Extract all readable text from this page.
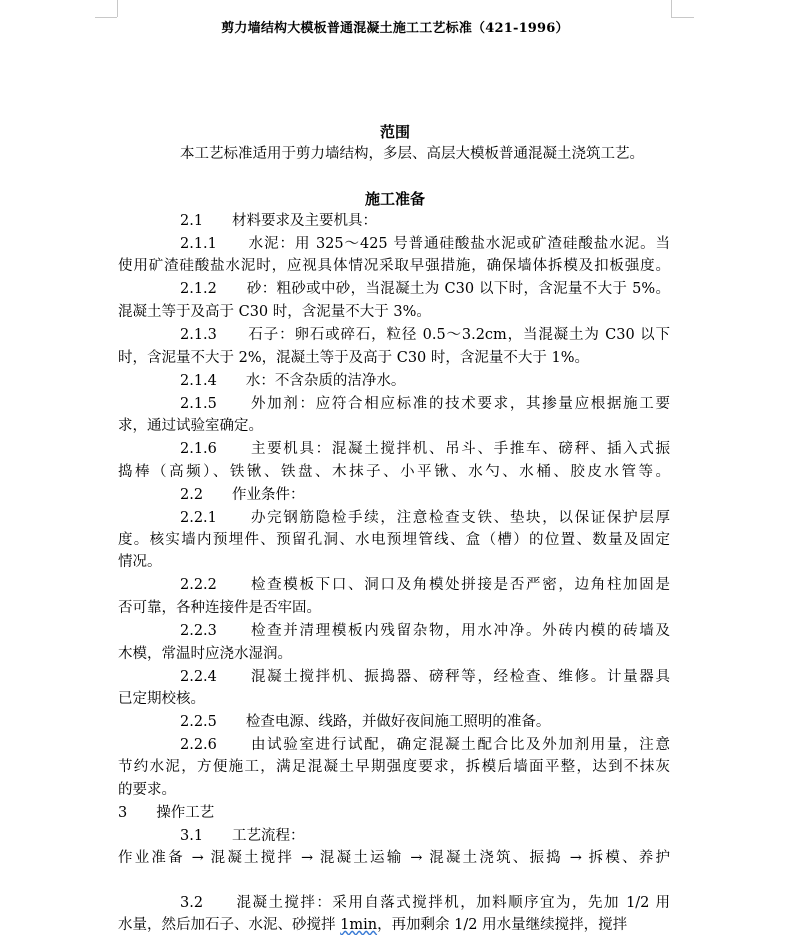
剪力墙结构大模板普通混凝土施工工艺标准（421-1996）
范围
本工艺标准适用于剪力墙结构，多层、高层大模板普通混凝土浇筑工艺。
施工准备
2.1　　材料要求及主要机具：
2.1.1　　水泥：用 325～425 号普通硅酸盐水泥或矿渣硅酸盐水泥。当
使用矿渣硅酸盐水泥时，应视具体情况采取早强措施，确保墙体拆模及扣板强度。
2.1.2　　砂：粗砂或中砂，当混凝土为 C30 以下时，含泥量不大于 5%。
混凝土等于及高于 C30 时，含泥量不大于 3%。
2.1.3　　石子：卵石或碎石，粒径 0.5～3.2cm，当混凝土为 C30 以下
时，含泥量不大于 2%，混凝土等于及高于 C30 时，含泥量不大于 1%。
2.1.4　　水：不含杂质的洁净水。
2.1.5　　外加剂：应符合相应标准的技术要求，其掺量应根据施工要
求，通过试验室确定。
2.1.6　　主要机具：混凝土搅拌机、吊斗、手推车、磅秤、插入式振
捣棒（高频）、铁锹、铁盘、木抹子、小平锹、水勺、水桶、胶皮水管等。
2.2　　作业条件：
2.2.1　　办完钢筋隐检手续，注意检查支铁、垫块，以保证保护层厚
度。核实墙内预埋件、预留孔洞、水电预埋管线、盒（槽）的位置、数量及固定
情况。
2.2.2　　检查模板下口、洞口及角模处拼接是否严密，边角柱加固是
否可靠，各种连接件是否牢固。
2.2.3　　检查并清理模板内残留杂物，用水冲净。外砖内模的砖墙及
木模，常温时应浇水湿润。
2.2.4　　混凝土搅拌机、振捣器、磅秤等，经检查、维修。计量器具
已定期校核。
2.2.5　　检查电源、线路，并做好夜间施工照明的准备。
2.2.6　　由试验室进行试配，确定混凝土配合比及外加剂用量，注意
节约水泥，方便施工，满足混凝土早期强度要求，拆模后墙面平整，达到不抹灰
的要求。
3　　操作工艺
3.1　　工艺流程：
作业准备 → 混凝土搅拌 → 混凝土运输 → 混凝土浇筑、振捣 → 拆模、养护
3.2　　混凝土搅拌：采用自落式搅拌机，加料顺序宜为，先加 1/2 用
水量，然后加石子、水泥、砂搅拌 1min，再加剩余 1/2 用水量继续搅拌，搅拌
